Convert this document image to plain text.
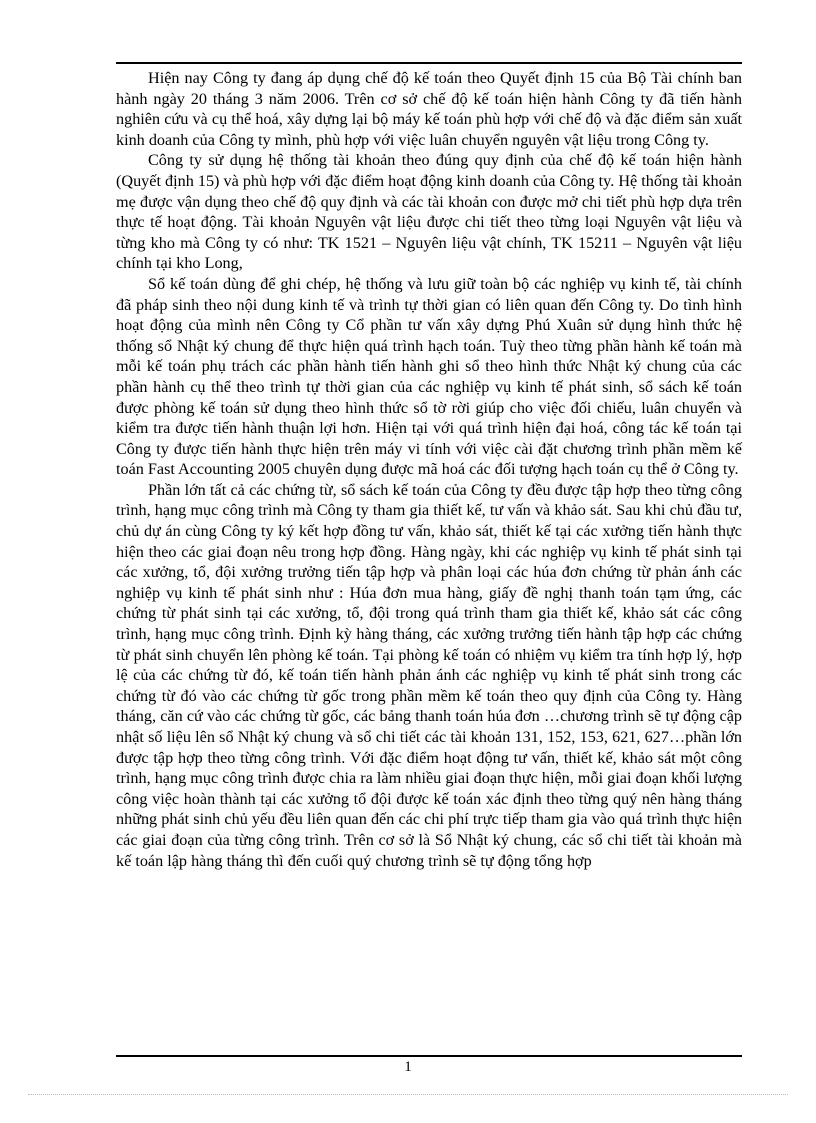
Hiện nay Công ty đang áp dụng chế độ kế toán theo Quyết định 15 của Bộ Tài chính ban hành ngày 20 tháng 3 năm 2006. Trên cơ sở chế độ kế toán hiện hành Công ty đã tiến hành nghiên cứu và cụ thể hoá, xây dựng lại bộ máy kế toán phù hợp với chế độ và đặc điểm sản xuất kinh doanh của Công ty mình, phù hợp với việc luân chuyển nguyên vật liệu trong Công ty.

Công ty sử dụng hệ thống tài khoản theo đúng quy định của chế độ kế toán hiện hành (Quyết định 15) và phù hợp với đặc điểm hoạt động kinh doanh của Công ty. Hệ thống tài khoản mẹ được vận dụng theo chế độ quy định và các tài khoản con được mở chi tiết phù hợp dựa trên thực tế hoạt động. Tài khoản Nguyên vật liệu được chi tiết theo từng loại Nguyên vật liệu và từng kho mà Công ty có như: TK 1521 – Nguyên liệu vật chính, TK 15211 – Nguyên vật liệu chính tại kho Long,

Sổ kế toán dùng để ghi chép, hệ thống và lưu giữ toàn bộ các nghiệp vụ kinh tế, tài chính đã pháp sinh theo nội dung kinh tế và trình tự thời gian có liên quan đến Công ty. Do tình hình hoạt động của mình nên Công ty Cổ phần tư vấn xây dựng Phú Xuân sử dụng hình thức hệ thống sổ Nhật ký chung để thực hiện quá trình hạch toán. Tuỳ theo từng phần hành kế toán mà mỗi kế toán phụ trách các phần hành tiến hành ghi sổ theo hình thức Nhật ký chung của các phần hành cụ thể theo trình tự thời gian của các nghiệp vụ kinh tế phát sinh, sổ sách kế toán được phòng kế toán sử dụng theo hình thức sổ tờ rời giúp cho việc đối chiếu, luân chuyển và kiểm tra được tiến hành thuận lợi hơn. Hiện tại với quá trình hiện đại hoá, công tác kế toán tại Công ty được tiến hành thực hiện trên máy vi tính với việc cài đặt chương trình phần mềm kế toán Fast Accounting 2005 chuyên dụng được mã hoá các đối tượng hạch toán cụ thể ở Công ty.

Phần lớn tất cả các chứng từ, sổ sách kế toán của Công ty đều được tập hợp theo từng công trình, hạng mục công trình mà Công ty tham gia thiết kế, tư vấn và khảo sát. Sau khi chủ đầu tư, chủ dự án cùng Công ty ký kết hợp đồng tư vấn, khảo sát, thiết kế tại các xưởng tiến hành thực hiện theo các giai đoạn nêu trong hợp đồng. Hàng ngày, khi các nghiệp vụ kinh tế phát sinh tại các xưởng, tổ, đội xưởng trưởng tiến tập hợp và phân loại các húa đơn chứng từ phản ánh các nghiệp vụ kinh tế phát sinh như : Húa đơn mua hàng, giấy đề nghị thanh toán tạm ứng, các chứng từ phát sinh tại các xưởng, tổ, đội trong quá trình tham gia thiết kế, khảo sát các công trình, hạng mục công trình. Định kỳ hàng tháng, các xưởng trưởng tiến hành tập hợp các chứng từ phát sinh chuyển lên phòng kế toán. Tại phòng kế toán có nhiệm vụ kiểm tra tính hợp lý, hợp lệ của các chứng từ đó, kế toán tiến hành phản ánh các nghiệp vụ kinh tế phát sinh trong các chứng từ đó vào các chứng từ gốc trong phần mềm kế toán theo quy định của Công ty. Hàng tháng, căn cứ vào các chứng từ gốc, các bảng thanh toán húa đơn …chương trình sẽ tự động cập nhật số liệu lên sổ Nhật ký chung và sổ chi tiết các tài khoản 131, 152, 153, 621, 627…phần lớn được tập hợp theo từng công trình. Với đặc điểm hoạt động tư vấn, thiết kế, khảo sát một công trình, hạng mục công trình được chia ra làm nhiều giai đoạn thực hiện, mỗi giai đoạn khối lượng công việc hoàn thành tại các xưởng tổ đội được kế toán xác định theo từng quý nên hàng tháng những phát sinh chủ yếu đều liên quan đến các chi phí trực tiếp tham gia vào quá trình thực hiện các giai đoạn của từng công trình. Trên cơ sở là Sổ Nhật ký chung, các sổ chi tiết tài khoản mà kế toán lập hàng tháng thì đến cuối quý chương trình sẽ tự động tổng hợp

1
